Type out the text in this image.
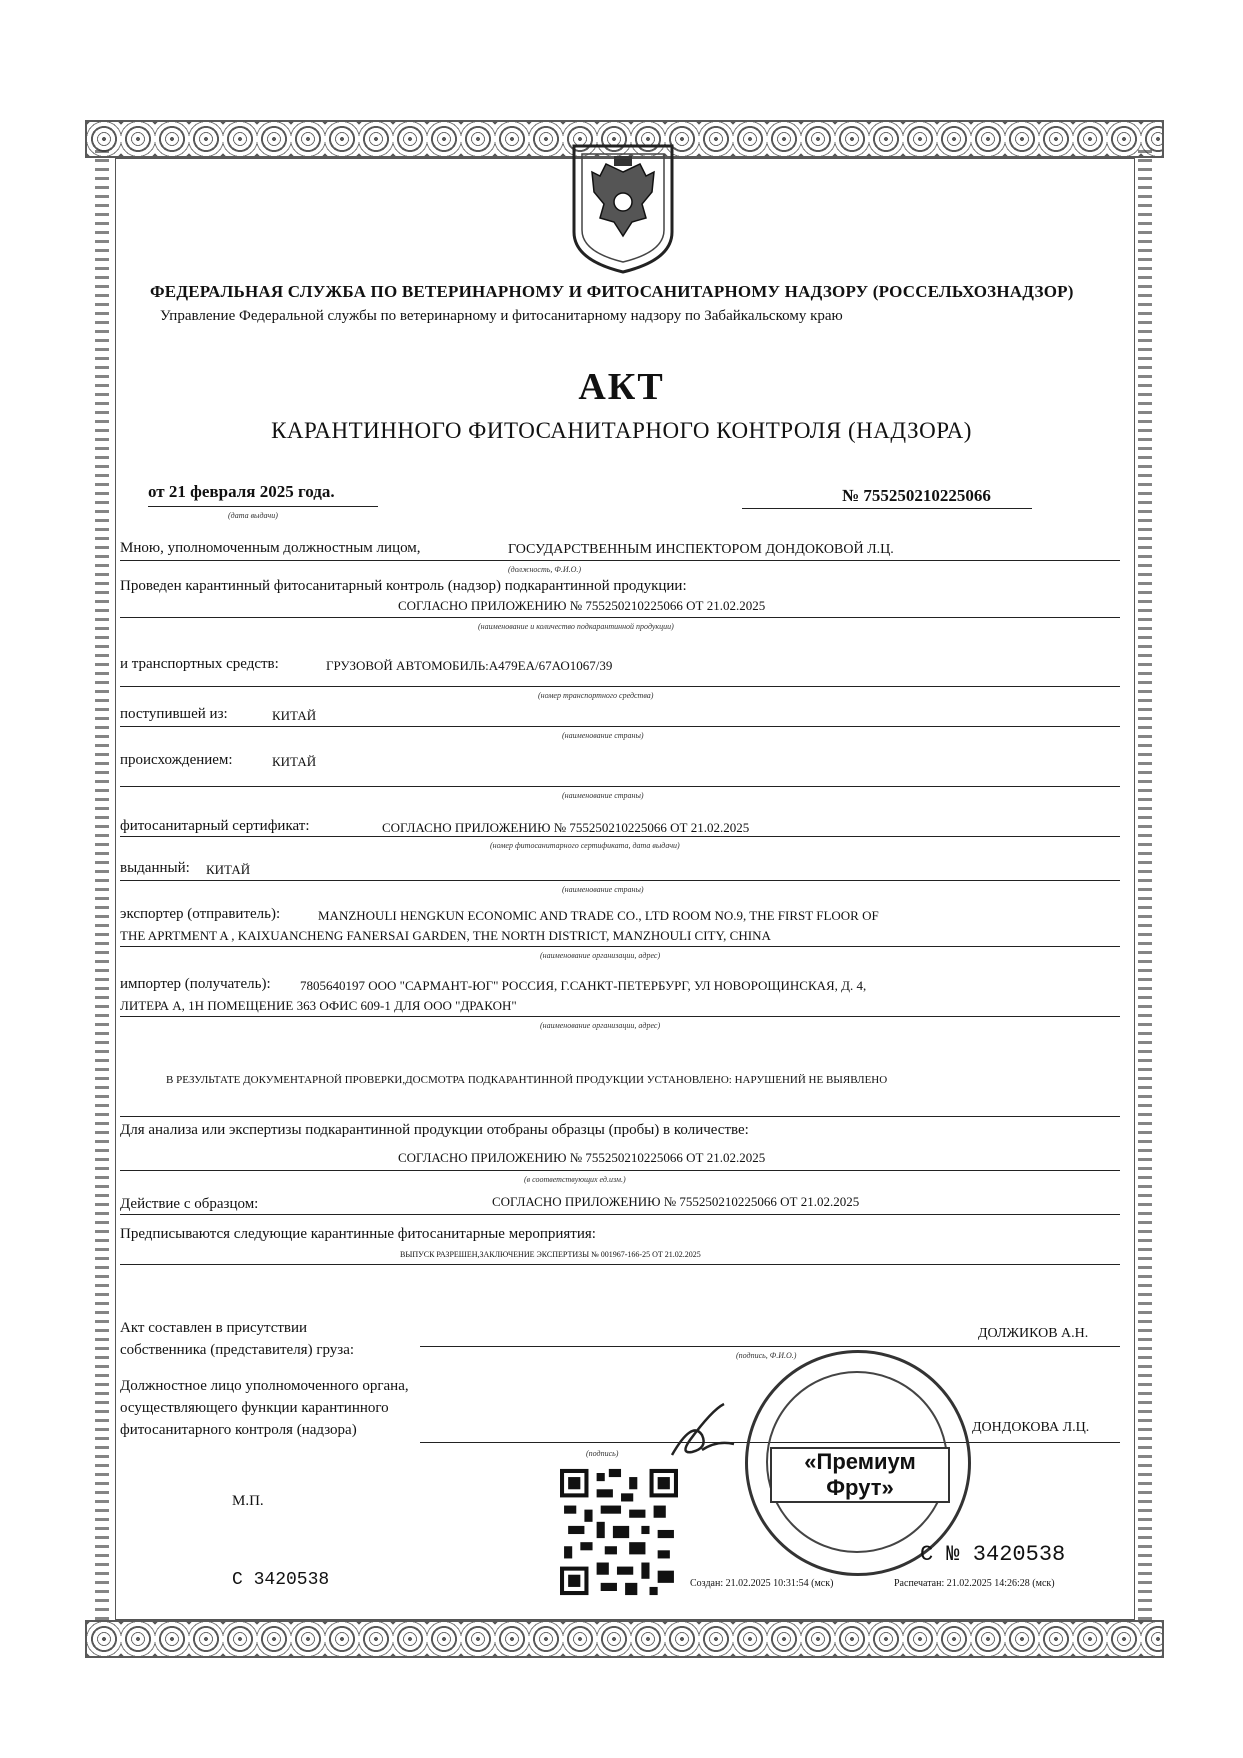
ФЕДЕРАЛЬНАЯ СЛУЖБА ПО ВЕТЕРИНАРНОМУ И ФИТОСАНИТАРНОМУ НАДЗОРУ (РОССЕЛЬХОЗНАДЗОР)
Управление Федеральной службы по ветеринарному и фитосанитарному надзору по Забайкальскому краю
АКТ
КАРАНТИННОГО ФИТОСАНИТАРНОГО КОНТРОЛЯ (НАДЗОРА)
от 21 февраля 2025 года.
(дата выдачи)
№ 755250210225066
Мною, уполномоченным должностным лицом,	ГОСУДАРСТВЕННЫМ ИНСПЕКТОРОМ ДОНДОКОВОЙ Л.Ц.
(должность, Ф.И.О.)
Проведен карантинный фитосанитарный контроль (надзор) подкарантинной продукции:
СОГЛАСНО ПРИЛОЖЕНИЮ № 755250210225066 ОТ 21.02.2025
(наименование и количество подкарантинной продукции)
и транспортных средств:	ГРУЗОВОЙ АВТОМОБИЛЬ:А479ЕА/67АО1067/39
(номер транспортного средства)
поступившей из:	КИТАЙ
(наименование страны)
происхождением:	КИТАЙ
(наименование страны)
фитосанитарный сертификат:	СОГЛАСНО ПРИЛОЖЕНИЮ № 755250210225066 ОТ 21.02.2025
(номер фитосанитарного сертификата, дата выдачи)
выданный: КИТАЙ
(наименование страны)
экспортер (отправитель):	MANZHOULI HENGKUN ECONOMIC AND TRADE CO., LTD ROOM NO.9, THE FIRST FLOOR OF
THE APRTMENT A , KAIXUANCHENG FANERSAI GARDEN, THE NORTH DISTRICT, MANZHOULI CITY, CHINA
(наименование организации, адрес)
импортер (получатель): 7805640197 ООО "САРМАНТ-ЮГ" РОССИЯ, Г.САНКТ-ПЕТЕРБУРГ, УЛ НОВОРОЩИНСКАЯ, Д. 4,
ЛИТЕРА А, 1Н ПОМЕЩЕНИЕ 363 ОФИС 609-1 ДЛЯ ООО "ДРАКОН"
(наименование организации, адрес)
В РЕЗУЛЬТАТЕ ДОКУМЕНТАРНОЙ ПРОВЕРКИ,ДОСМОТРА ПОДКАРАНТИННОЙ ПРОДУКЦИИ УСТАНОВЛЕНО: НАРУШЕНИЙ НЕ ВЫЯВЛЕНО
Для анализа или экспертизы подкарантинной продукции отобраны образцы (пробы) в количестве:
СОГЛАСНО ПРИЛОЖЕНИЮ № 755250210225066 ОТ 21.02.2025
(в соответствующих ед.изм.)
Действие с образцом:	СОГЛАСНО ПРИЛОЖЕНИЮ № 755250210225066 ОТ 21.02.2025
Предписываются следующие карантинные фитосанитарные мероприятия:
ВЫПУСК РАЗРЕШЕН,ЗАКЛЮЧЕНИЕ ЭКСПЕРТИЗЫ № 001967-166-25 ОТ 21.02.2025
Акт составлен в присутствии
собственника (представителя) груза:
ДОЛЖИКОВ А.Н.
(подпись, Ф.И.О.)
Должностное лицо уполномоченного органа,
осуществляющего функции карантинного
фитосанитарного контроля (надзора)	ДОНДОКОВА Л.Ц.
(подпись)	«Премиум Фрут»
М.П.
С № 3420538
С 3420538	Создан: 21.02.2025 10:31:54 (мск)	Распечатан: 21.02.2025 14:26:28 (мск)
